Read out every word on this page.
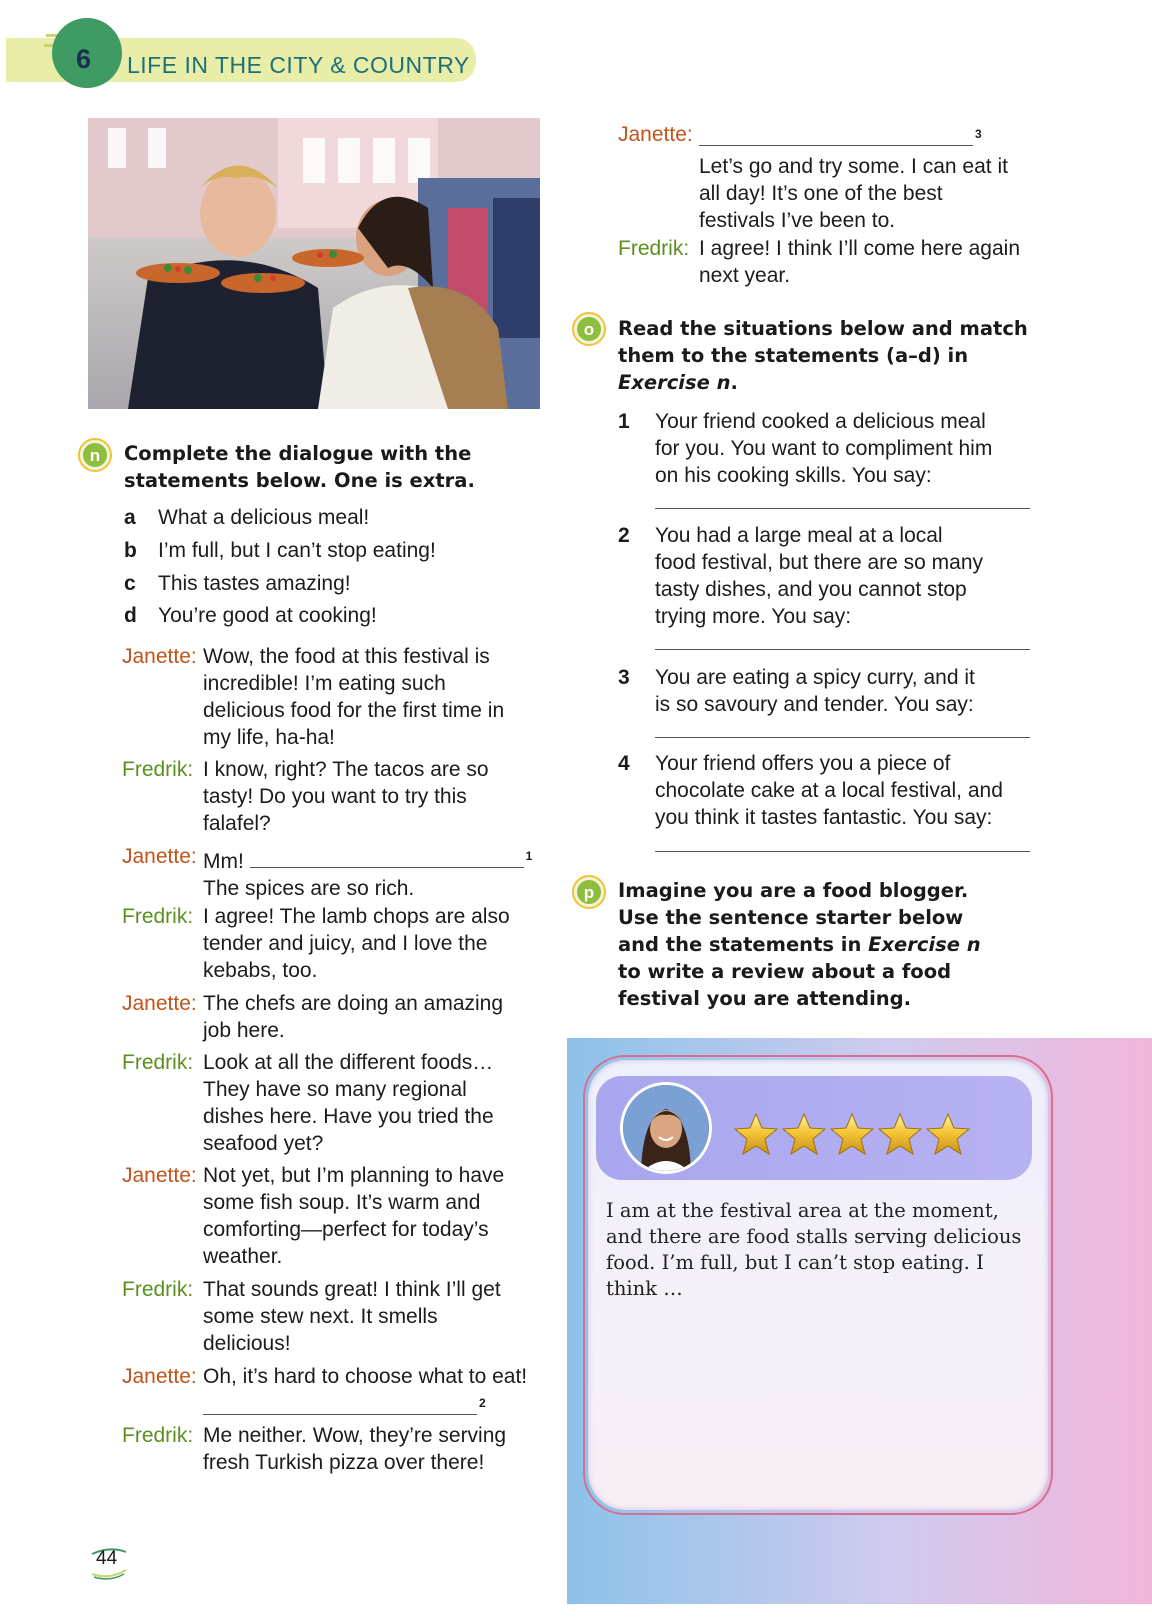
6	LIFE IN THE CITY & COUNTRY
n	Complete the dialogue with the statements below. One is extra.
a What a delicious meal!
b I’m full, but I can’t stop eating!
c This tastes amazing!
d You’re good at cooking!
Janette: Wow, the food at this festival is incredible! I’m eating such delicious food for the first time in my life, ha-ha!
Fredrik: I know, right? The tacos are so tasty! Do you want to try this falafel?
Janette: Mm!	$^1$
The spices are so rich.
Fredrik: I agree! The lamb chops are also tender and juicy, and I love the kebabs, too.
Janette: The chefs are doing an amazing job here.
Fredrik: Look at all the different foods… They have so many regional dishes here. Have you tried the seafood yet?
Janette: Not yet, but I’m planning to have some fish soup. It’s warm and comforting—perfect for today’s weather.
Fredrik: That sounds great! I think I’ll get some stew next. It smells delicious!
Janette: Oh, it’s hard to choose what to eat! $^2$
Fredrik: Me neither. Wow, they’re serving fresh Turkish pizza over there!
Janette:	$^3$
Let’s go and try some. I can eat it all day! It’s one of the best festivals I’ve been to.
Fredrik: I agree! I think I’ll come here again next year.
o	Read the situations below and match them to the statements (a–d) in Exercise n.
1 Your friend cooked a delicious meal for you. You want to compliment him on his cooking skills. You say:
2 You had a large meal at a local food festival, but there are so many tasty dishes, and you cannot stop trying more. You say:
3 You are eating a spicy curry, and it is so savoury and tender. You say:
4 Your friend offers you a piece of chocolate cake at a local festival, and you think it tastes fantastic. You say:
p	Imagine you are a food blogger. Use the sentence starter below and the statements in Exercise n to write a review about a food festival you are attending.
I am at the festival area at the moment, and there are food stalls serving delicious food. I’m full, but I can’t stop eating. I think …
44
